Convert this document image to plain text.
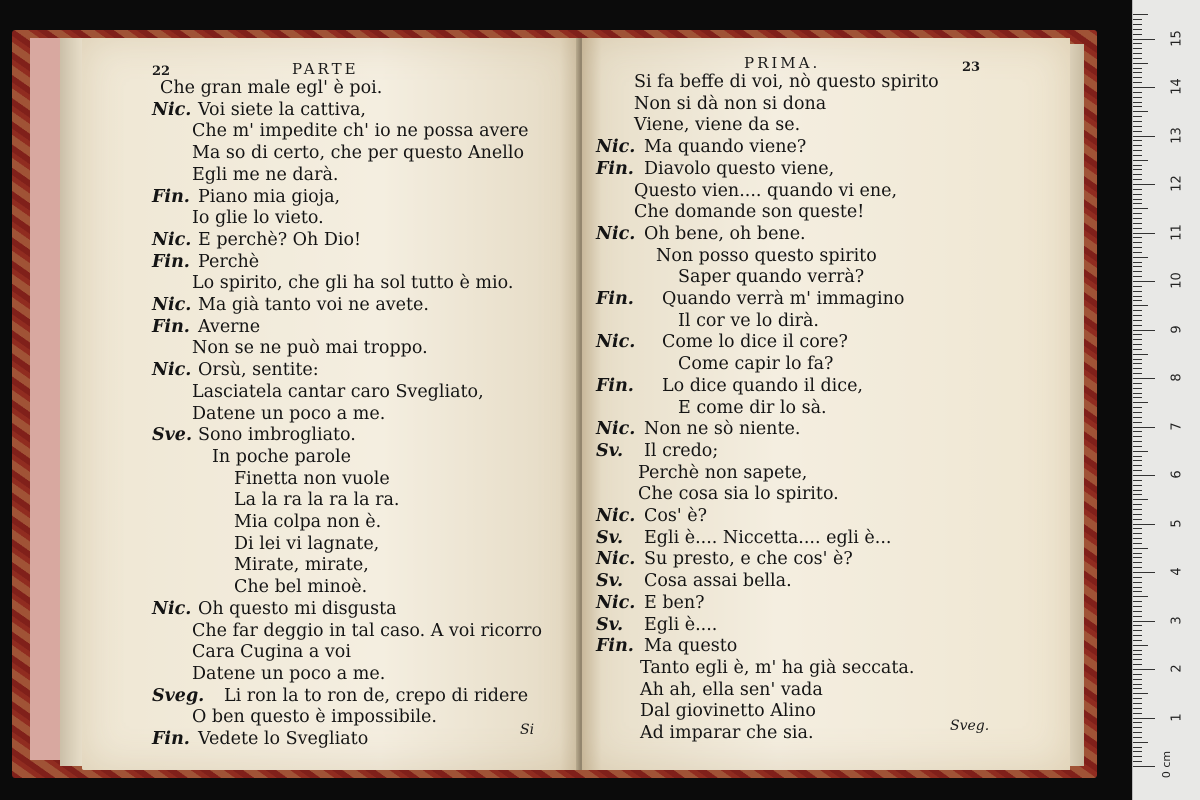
22	PARTE
Che gran male egl' è poi.
Nic. Voi siete la cattiva,
Che m' impedite ch' io ne possa avere
Ma so di certo, che per questo Anello
Egli me ne darà.
Fin. Piano mia gioja,
Io glie lo vieto.
Nic. E perchè? Oh Dio!
Fin. Perchè
Lo spirito, che gli ha sol tutto è mio.
Nic. Ma già tanto voi ne avete.
Fin. Averne
Non se ne può mai troppo.
Nic. Orsù, sentite:
Lasciatela cantar caro Svegliato,
Datene un poco a me.
Sve. Sono imbrogliato.
In poche parole
Finetta non vuole
La la ra la ra la ra.
Mia colpa non è.
Di lei vi lagnate,
Mirate, mirate,
Che bel minoè.
Nic. Oh questo mi disgusta
Che far deggio in tal caso. A voi ricorro
Cara Cugina a voi
Datene un poco a me.
Sveg. Li ron la to ron de, crepo di ridere
O ben questo è impossibile.
Fin. Vedete lo Svegliato	Si
PRIMA.	23
Si fa beffe di voi, nò questo spirito
Non si dà non si dona
Viene, viene da se.
Nic. Ma quando viene?
Fin. Diavolo questo viene,
Questo vien.... quando vi ene,
Che domande son queste!
Nic. Oh bene, oh bene.
Non posso questo spirito
Saper quando verrà?
Fin. Quando verrà m' immagino
Il cor ve lo dirà.
Nic. Come lo dice il core?
Come capir lo fa?
Fin. Lo dice quando il dice,
E come dir lo sà.
Nic. Non ne sò niente.
Sv. Il credo;
Perchè non sapete,
Che cosa sia lo spirito.
Nic. Cos' è?
Sv. Egli è.... Niccetta.... egli è...
Nic. Su presto, e che cos' è?
Sv. Cosa assai bella.
Nic. E ben?
Sv. Egli è....
Fin. Ma questo
Tanto egli è, m' ha già seccata.
Ah ah, ella sen' vada
Dal giovinetto Alino
Ad imparar che sia.	Sveg.
0 cm
1
2
3
4
5
6
7
8
9
10
11
12
13
14
15
